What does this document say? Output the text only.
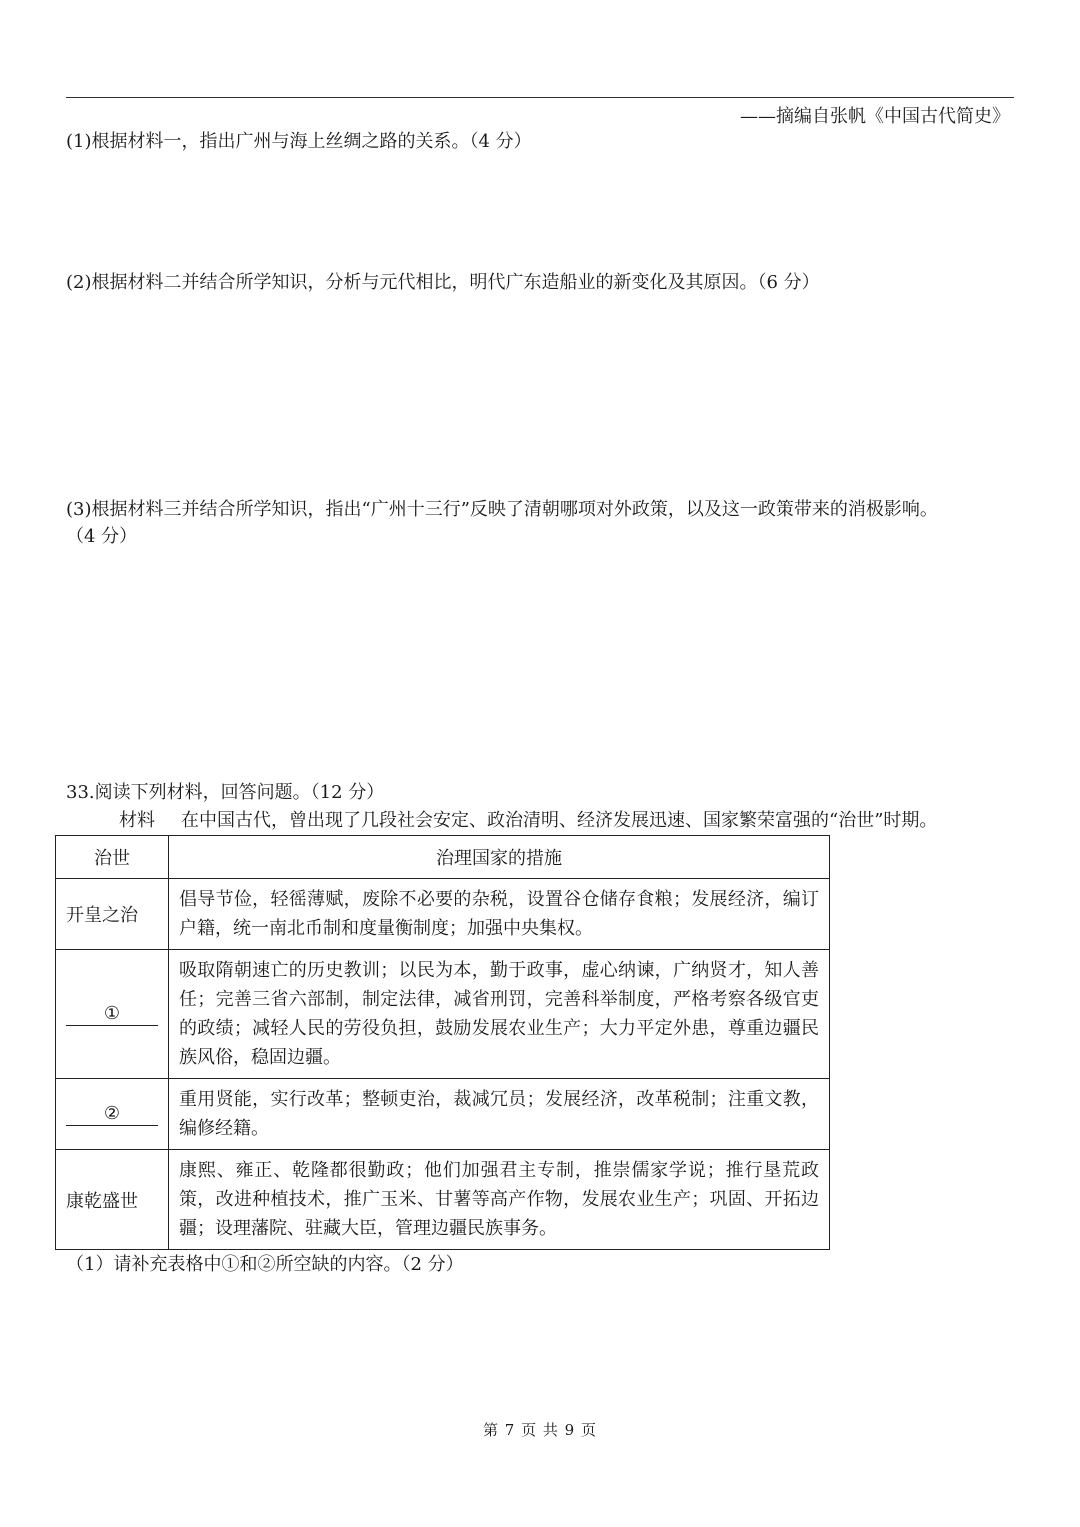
——摘编自张帆《中国古代简史》
(1)根据材料一，指出广州与海上丝绸之路的关系。（4 分）
(2)根据材料二并结合所学知识，分析与元代相比，明代广东造船业的新变化及其原因。（6 分）
(3)根据材料三并结合所学知识，指出“广州十三行”反映了清朝哪项对外政策，以及这一政策带来的消极影响。
（4 分）
33.阅读下列材料，回答问题。（12 分）
材料 在中国古代，曾出现了几段社会安定、政治清明、经济发展迅速、国家繁荣富强的“治世”时期。
治世	治理国家的措施
开皇之治	倡导节俭，轻徭薄赋，废除不必要的杂税，设置谷仓储存食粮；发展经济，编订户籍，统一南北币制和度量衡制度；加强中央集权。
①	吸取隋朝速亡的历史教训；以民为本，勤于政事，虚心纳谏，广纳贤才，知人善任；完善三省六部制，制定法律，减省刑罚，完善科举制度，严格考察各级官吏的政绩；减轻人民的劳役负担，鼓励发展农业生产；大力平定外患，尊重边疆民族风俗，稳固边疆。
②	重用贤能，实行改革；整顿吏治，裁减冗员；发展经济，改革税制；注重文教，编修经籍。
康乾盛世	康熙、雍正、乾隆都很勤政；他们加强君主专制，推崇儒家学说；推行垦荒政策，改进种植技术，推广玉米、甘薯等高产作物，发展农业生产；巩固、开拓边疆；设理藩院、驻藏大臣，管理边疆民族事务。
（1）请补充表格中①和②所空缺的内容。（2 分）
第 7 页 共 9 页
